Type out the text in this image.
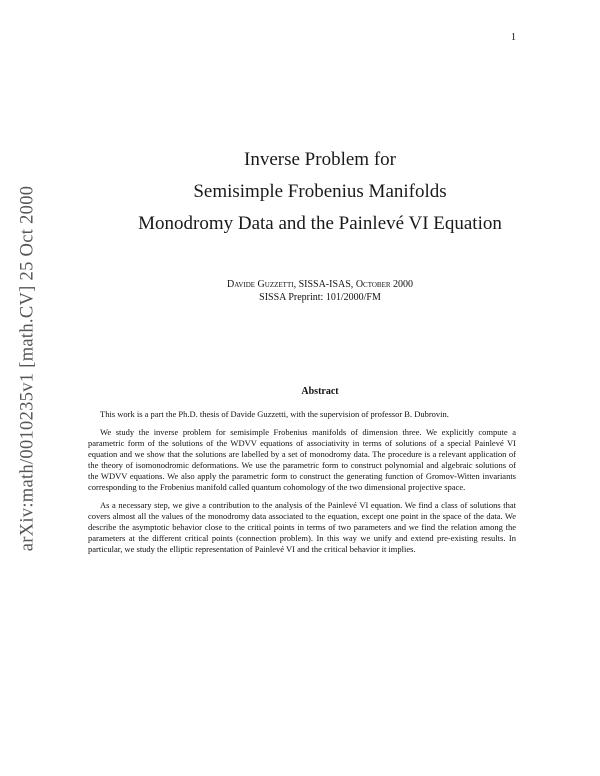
1
arXiv:math/0010235v1 [math.CV] 25 Oct 2000
Inverse Problem for
Semisimple Frobenius Manifolds
Monodromy Data and the Painlevé VI Equation
Davide Guzzetti, SISSA-ISAS, October 2000
SISSA Preprint: 101/2000/FM
Abstract

This work is a part the Ph.D. thesis of Davide Guzzetti, with the supervision of professor B. Dubrovin.

We study the inverse problem for semisimple Frobenius manifolds of dimension three. We explicitly compute a parametric form of the solutions of the WDVV equations of associativity in terms of solutions of a special Painlevé VI equation and we show that the solutions are labelled by a set of monodromy data. The procedure is a relevant application of the theory of isomonodromic deformations. We use the parametric form to construct polynomial and algebraic solutions of the WDVV equations. We also apply the parametric form to construct the generating function of Gromov-Witten invariants corresponding to the Frobenius manifold called quantum cohomology of the two dimensional projective space.

As a necessary step, we give a contribution to the analysis of the Painlevé VI equation. We find a class of solutions that covers almost all the values of the monodromy data associated to the equation, except one point in the space of the data. We describe the asymptotic behavior close to the critical points in terms of two parameters and we find the relation among the parameters at the different critical points (connection problem). In this way we unify and extend pre-existing results. In particular, we study the elliptic representation of Painlevé VI and the critical behavior it implies.
